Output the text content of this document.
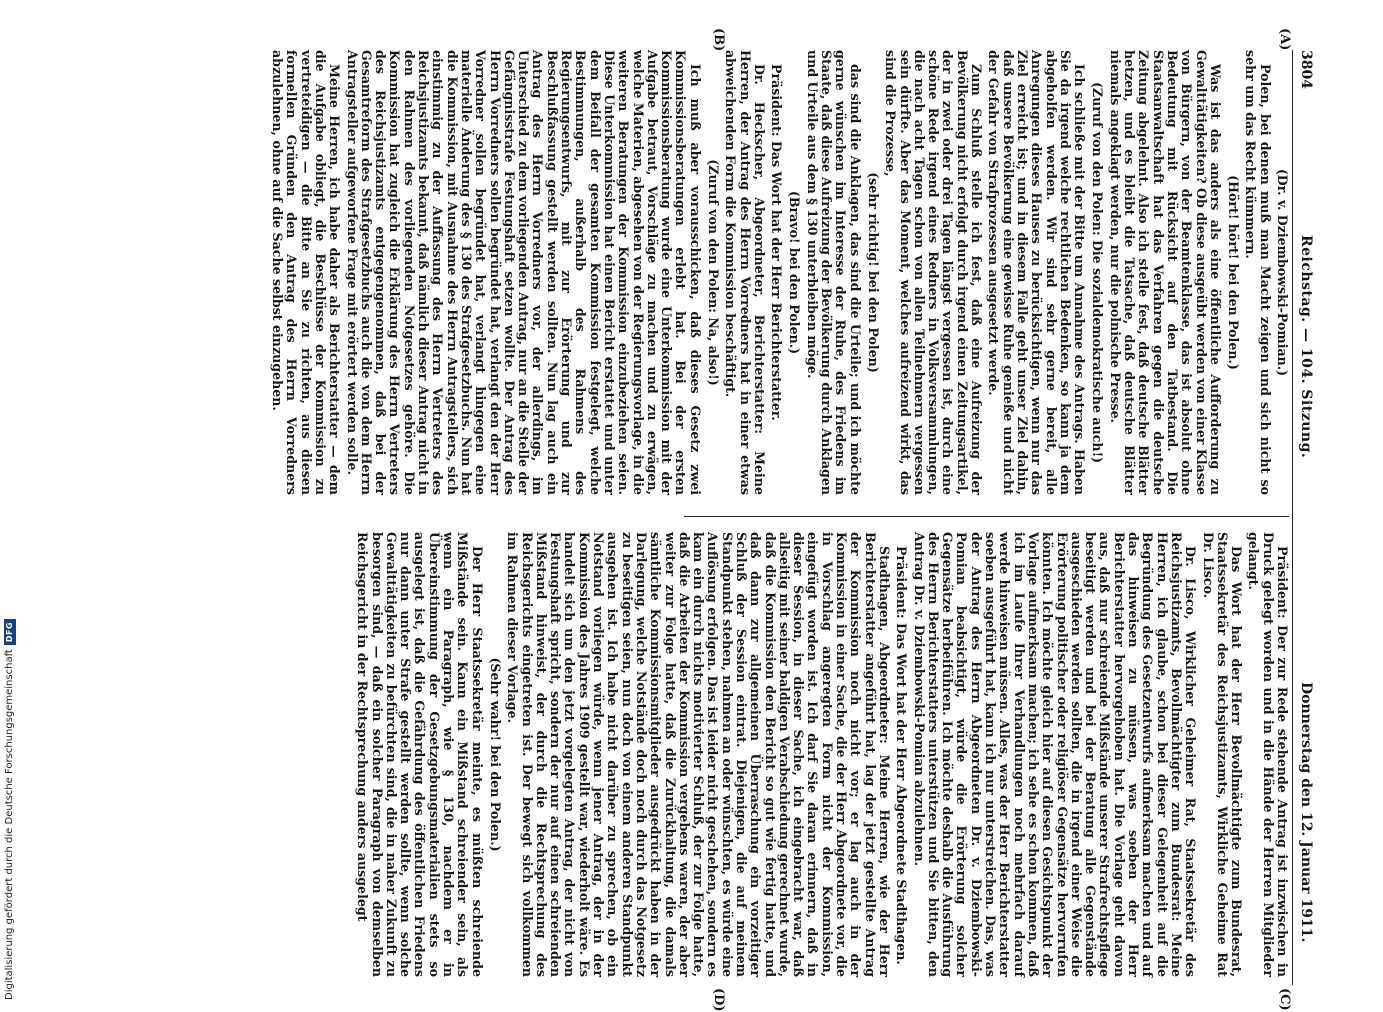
3804
Reichstag. — 104. Sitzung.
Donnerstag den 12. Januar 1911.
(A)
(B)
(C)
(D)

(Dr. v. Dziembowski-Pomian.)

Polen, bei denen muß man Macht zeigen und sich nicht so sehr um das Recht kümmern.

(Hört! hört! bei den Polen.)

Was ist das anders als eine öffentliche Aufforderung zu Gewalttätigkeiten? Ob diese ausgeübt werden von einer Klasse von Bürgern, von der Beamtenklasse, das ist absolut ohne Bedeutung mit Rücksicht auf den Tatbestand. Die Staatsanwaltschaft hat das Verfahren gegen die deutsche Zeitung abgelehnt. Also ich stelle fest, daß deutsche Blätter hetzen, und es bleibt die Tatsache, daß deutsche Blätter niemals angeklagt werden, nur die polnische Presse.

(Zuruf von den Polen: Die sozialdemokratische auch!)

Ich schließe mit der Bitte um Annahme des Antrags. Haben Sie da irgend welche rechtlichen Bedenken, so kann ja dem abgeholfen werden. Wir sind sehr gerne bereit, alle Anregungen dieses Hauses zu berücksichtigen, wenn nur das Ziel erreicht ist; und in diesem Falle geht unser Ziel dahin, daß unsere Bevölkerung eine gewisse Ruhe genieße und nicht der Gefahr von Strafprozessen ausgesetzt werde.

Zum Schluß stelle ich fest, daß eine Aufreizung der Bevölkerung nicht erfolgt durch irgend einen Zeitungsartikel, der in zwei oder drei Tagen längst vergessen ist, durch eine schöne Rede irgend eines Redners in Volksversammlungen, die nach acht Tagen schon von allen Teilnehmern vergessen sein dürfte. Aber das Moment, welches aufreizend wirkt, das sind die Prozesse,

(sehr richtig! bei den Polen)

das sind die Anklagen, das sind die Urteile; und ich möchte gerne wünschen im Interesse der Ruhe, des Friedens im Staate, daß diese Aufreizung der Bevölkerung durch Anklagen und Urteile aus dem § 130 unterbleiben möge.

(Bravo! bei den Polen.)

Präsident: Das Wort hat der Herr Berichterstatter.

Dr. Heckscher, Abgeordneter, Berichterstatter: Meine Herren, der Antrag des Herrn Vorredners hat in einer etwas abweichenden Form die Kommission beschäftigt.

(Zuruf von den Polen: Na, also!)

Ich muß aber vorausschicken, daß dieses Gesetz zwei Kommissionsberatungen erlebt hat. Bei der ersten Kommissionsberatung wurde eine Unterkommission mit der Aufgabe betraut, Vorschläge zu machen und zu erwägen, welche Materien, abgesehen von der Regierungsvorlage, in die weiteren Beratungen der Kommission einzubeziehen seien. Diese Unterkommission hat einen Bericht erstattet und unter dem Beifall der gesamten Kommission festgelegt, welche Bestimmungen, außerhalb des Rahmens des Regierungsentwurfs, mit zur Erörterung und zur Beschlußfassung gestellt werden sollten. Nun lag auch ein Antrag des Herrn Vorredners vor, der allerdings, im Unterschied zu dem vorliegenden Antrag, nur an die Stelle der Gefängnisstrafe Festungshaft setzen wollte. Der Antrag des Herrn Vorredners sollen begründet hat, verlangt den der Herr Vorredner sollen begründet hat, verlangt hingegen eine materielle Änderung des § 130 des Strafgesetzbuchs. Nun hat die Kommission, mit Ausnahme des Herrn Antragstellers, sich einstimmig zu der Auffassung des Herrn Vertreters des Reichsjustizamts bekannt, daß nämlich dieser Antrag nicht in den Rahmen des vorliegenden Notgesetzes gehöre. Die Kommission hat zugleich die Erklärung des Herrn Vertreters des Reichsjustizamts entgegengenommen, daß bei der Gesamtreform des Strafgesetzbuchs auch die von dem Herrn Antragsteller aufgeworfene Frage mit erörtert werden solle.

Meine Herren, ich habe daher als Berichterstatter — dem die Aufgabe obliegt, die Beschlüsse der Kommission zu vertreteidigen — die Bitte an Sie zu richten, aus diesen formellen Gründen den Antrag des Herrn Vorredners abzulehnen, ohne auf die Sache selbst einzugehen.

Präsident: Der zur Rede stehende Antrag ist inzwischen in Druck gelegt worden und in die Hände der Herren Mitglieder gelangt.

Das Wort hat der Herr Bevollmächtigte zum Bundesrat, Staatssekretär des Reichsjustizamts, Wirkliche Geheime Rat Dr. Lisco.

Dr. Lisco, Wirklicher Geheimer Rat, Staatssekretär des Reichsjustizamts, Bevollmächtigter zum Bundesrat: Meine Herren, ich glaube, schon bei dieser Gelegenheit auf die Begründung des Gesetzentwurfs aufmerksam machen und auf das hinweisen zu müssen, was soeben der Herr Berichterstatter hervorgehoben hat. Die Vorlage geht davon aus, daß nur schreiende Mißstände unserer Strafrechtspflege beseitigt werden und bei der Beratung alle Gegenstände ausgeschieden werden sollten, die in irgend einer Weise die Erörterung politischer oder religiöser Gegensätze hervorrufen könnten. Ich möchte gleich hier auf diesen Gesichtspunkt der Vorlage aufmerksam machen; ich sehe es schon kommen, daß ich im Laufe Ihrer Verhandlungen noch mehrfach darauf werde hinweisen müssen. Alles, was der Herr Berichterstatter soeben ausgeführt hat, kann ich nur unterstreichen. Das, was der Antrag des Herrn Abgeordneten Dr. v. Dziembowski-Pomian beabsichtigt, würde die Erörterung solcher Gegensätze herbeiführen. Ich möchte deshalb die Ausführung des Herrn Berichterstatters unterstützen und Sie bitten, den Antrag Dr. v. Dziembowski-Pomian abzulehnen.

Präsident: Das Wort hat der Herr Abgeordnete Stadthagen.

Stadthagen, Abgeordneter: Meine Herren, wie der Herr Berichterstatter angeführt hat, lag der jetzt gestellte Antrag der Kommission noch nicht vor; er lag auch in der Kommission in einer Sache, die der Herr Abgeordnete vor, die in Vorschlag angeregten Form nicht der Kommission, eingefügt worden ist. Ich darf Sie daran erinnern, daß in dieser Session, in dieser Sache, ich eingebracht war, daß allseitig mit seiner baldigen Verabschiedung gerechnet wurde, daß die Kommission den Bericht so gut wie fertig hatte, und daß dann zur allgemeinen Überraschung ein vorzeitiger Schluß der Session eintrat. Diejenigen, die auf meinem Standpunkt stehen, nahmen an oder wünschten, es würde eine Auflösung erfolgen. Das ist leider nicht geschehen, sondern es kam ein durch nichts motivierter Schluß, der zur Folge hatte, daß die Arbeiten der Kommission vergebens waren, der aber weiter zur Folge hatte, daß die Zurückhaltung, die damals sämtliche Kommissionsmitglieder ausgedrückt haben in der Darlegung, welche Notstände doch noch durch das Notgesetz zu beseitigen seien, nun doch von einem anderen Standpunkt ausgehen ist. Ich habe nicht darüber zu sprechen, ob ein Notstand vorliegen würde, wenn jener Antrag, der in der Kommission des Jahres 1909 gestellt war, wiederholt wäre. Es handelt sich um den jetzt vorgelegten Antrag, der nicht von Festungshaft spricht, sondern der nur auf einen schreienden Mißstand hinweist, der durch die Rechtsprechung des Reichsgerichts eingetreten ist. Der bewegt sich vollkommen im Rahmen dieser Vorlage.

(Sehr wahr! bei den Polen.)

Der Herr Staatssekretär meinte, es müßten schreiende Mißstände sein. Kann ein Mißstand schreiender sein, als wenn ein Paragraph, wie § 130, nachdem er in Übereinstimmung der Gesetzgebungsmaterialien stets so ausgelegt ist, daß die Gefährdung des öffentlichen Friedens nur dann unter Strafe gestellt werden sollte, wenn solche Gewalttätigkeiten zu befürchten sind, die in naher Zukunft zu besorgen sind, — daß ein solcher Paragraph von demselben Reichsgericht in der Rechtsprechung anders ausgelegt

Digitalisierung gefördert durch die Deutsche Forschungsgemeinschaft
DFG
